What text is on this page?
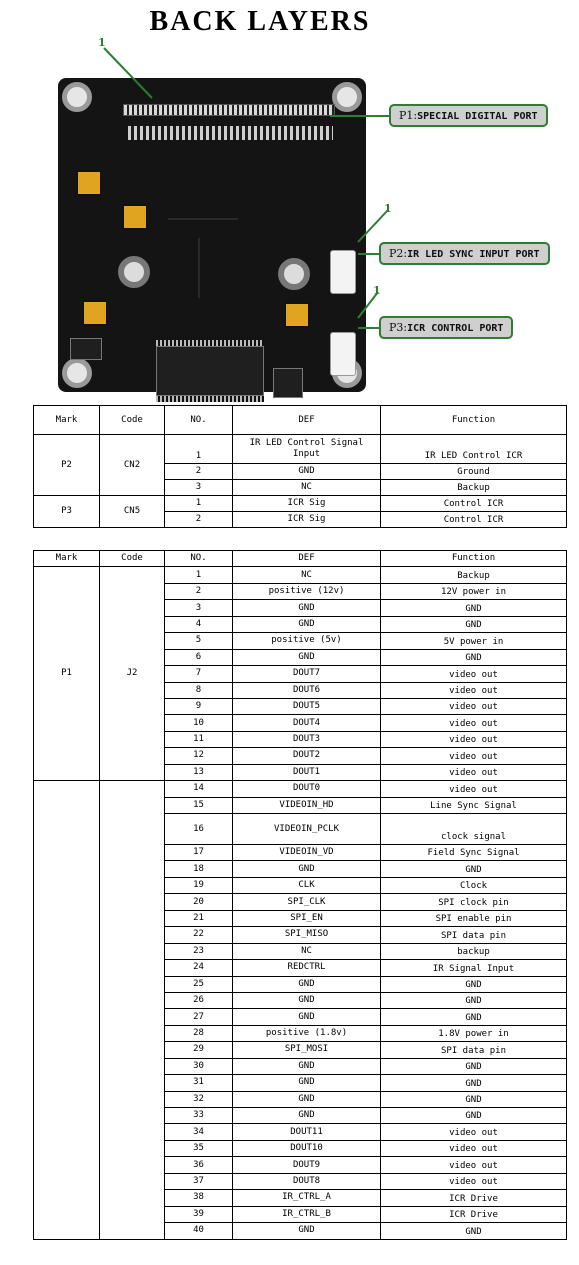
BACK LAYERS
1
1
1
P1:SPECIAL DIGITAL PORT
P2:IR LED SYNC INPUT PORT
P3:ICR CONTROL PORT
Mark	Code	NO.	DEF	Function
P2	CN2	1	IR LED Control Signal Input	IR LED Control ICR
		2	GND	Ground
		3	NC	Backup
P3	CN5	1	ICR Sig	Control ICR
		2	ICR Sig	Control ICR
Mark	Code	NO.	DEF	Function
P1	J2	1	NC	Backup
		2	positive (12v)	12V power in
		3	GND	GND
		4	GND	GND
		5	positive (5v)	5V power in
		6	GND	GND
		7	DOUT7	video out
		8	DOUT6	video out
		9	DOUT5	video out
		10	DOUT4	video out
		11	DOUT3	video out
		12	DOUT2	video out
		13	DOUT1	video out
		14	DOUT0	video out
		15	VIDEOIN_HD	Line Sync Signal
		16	VIDEOIN_PCLK	clock signal
		17	VIDEOIN_VD	Field Sync Signal
		18	GND	GND
		19	CLK	Clock
		20	SPI_CLK	SPI clock pin
		21	SPI_EN	SPI enable pin
		22	SPI_MISO	SPI data pin
		23	NC	backup
		24	REDCTRL	IR Signal Input
		25	GND	GND
		26	GND	GND
		27	GND	GND
		28	positive (1.8v)	1.8V power in
		29	SPI_MOSI	SPI data pin
		30	GND	GND
		31	GND	GND
		32	GND	GND
		33	GND	GND
		34	DOUT11	video out
		35	DOUT10	video out
		36	DOUT9	video out
		37	DOUT8	video out
		38	IR_CTRL_A	ICR Drive
		39	IR_CTRL_B	ICR Drive
		40	GND	GND
